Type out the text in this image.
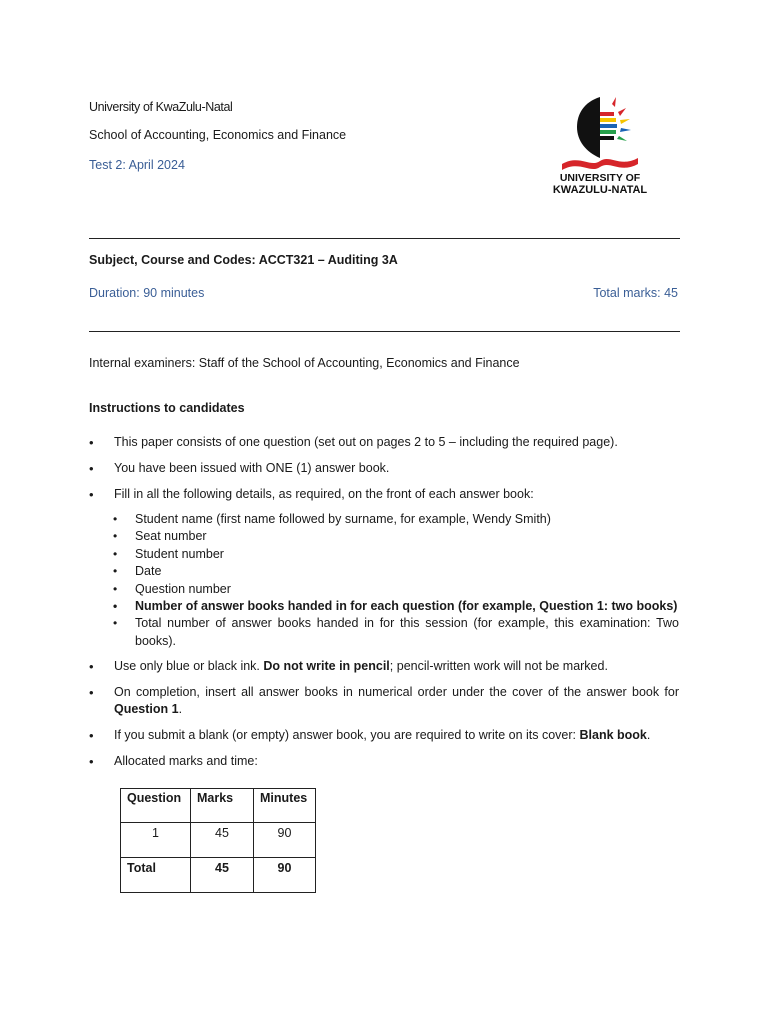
University of KwaZulu-Natal

School of Accounting, Economics and Finance

Test 2: April 2024

UNIVERSITY OF
KWAZULU-NATAL

Subject, Course and Codes: ACCT321 – Auditing 3A

Duration: 90 minutes	Total marks: 45

Internal examiners: Staff of the School of Accounting, Economics and Finance

Instructions to candidates

• This paper consists of one question (set out on pages 2 to 5 – including the required page).
• You have been issued with ONE (1) answer book.
• Fill in all the following details, as required, on the front of each answer book:
• Student name (first name followed by surname, for example, Wendy Smith)
• Seat number
• Student number
• Date
• Question number
• Number of answer books handed in for each question (for example, Question 1: two books)
• Total number of answer books handed in for this session (for example, this examination: Two books).
• Use only blue or black ink. Do not write in pencil; pencil-written work will not be marked.
• On completion, insert all answer books in numerical order under the cover of the answer book for Question 1.
• If you submit a blank (or empty) answer book, you are required to write on its cover: Blank book.
• Allocated marks and time:
Question	Marks	Minutes
1	45	90
Total	45	90
